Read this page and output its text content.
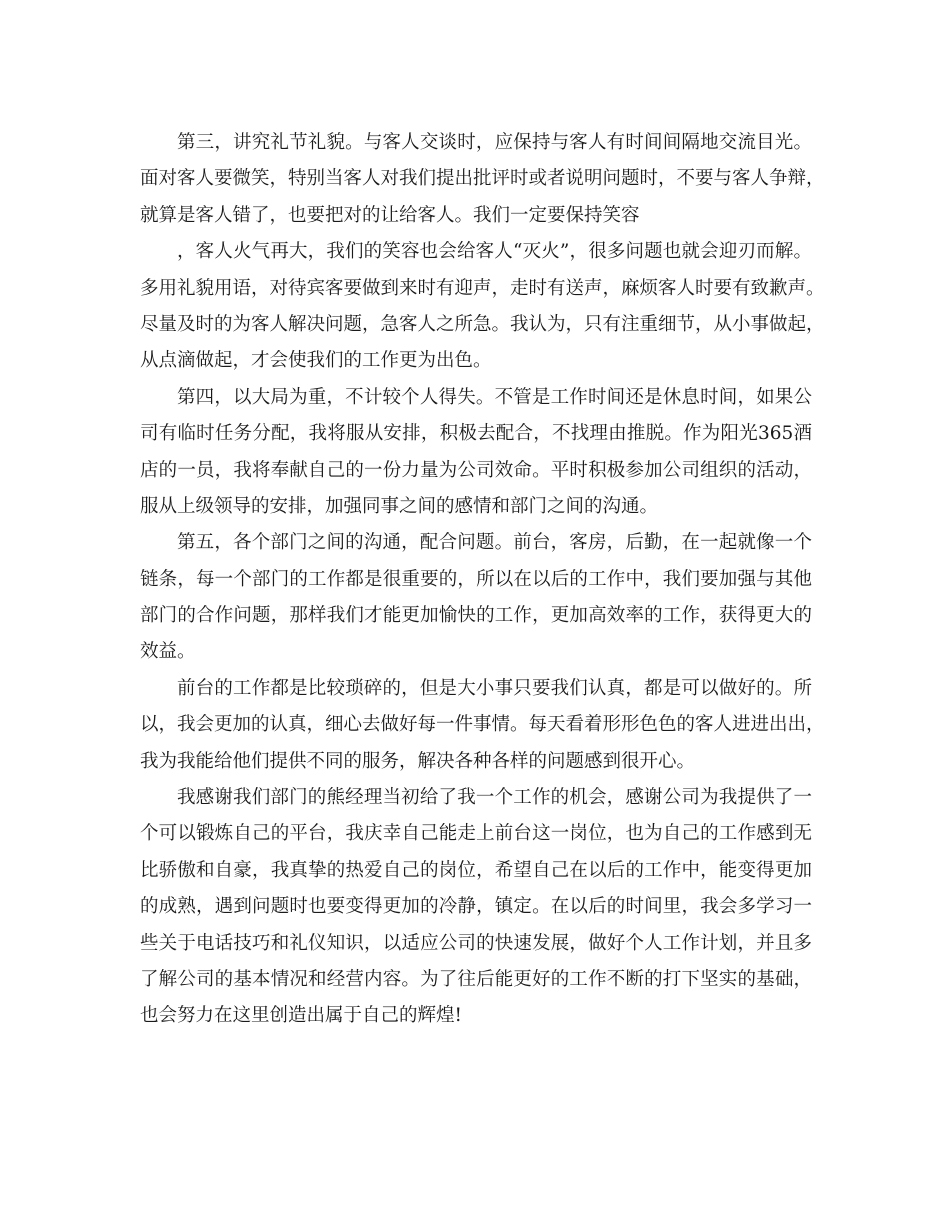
第三，讲究礼节礼貌。与客人交谈时，应保持与客人有时间间隔地交流目光。
面对客人要微笑，特别当客人对我们提出批评时或者说明问题时，不要与客人争辩，
就算是客人错了，也要把对的让给客人。我们一定要保持笑容
，客人火气再大，我们的笑容也会给客人“灭火”，很多问题也就会迎刃而解。
多用礼貌用语，对待宾客要做到来时有迎声，走时有送声，麻烦客人时要有致歉声。
尽量及时的为客人解决问题，急客人之所急。我认为，只有注重细节，从小事做起，
从点滴做起，才会使我们的工作更为出色。
第四，以大局为重，不计较个人得失。不管是工作时间还是休息时间，如果公
司有临时任务分配，我将服从安排，积极去配合，不找理由推脱。作为阳光365酒
店的一员，我将奉献自己的一份力量为公司效命。平时积极参加公司组织的活动，
服从上级领导的安排，加强同事之间的感情和部门之间的沟通。
第五，各个部门之间的沟通，配合问题。前台，客房，后勤，在一起就像一个
链条，每一个部门的工作都是很重要的，所以在以后的工作中，我们要加强与其他
部门的合作问题，那样我们才能更加愉快的工作，更加高效率的工作，获得更大的
效益。
前台的工作都是比较琐碎的，但是大小事只要我们认真，都是可以做好的。所
以，我会更加的认真，细心去做好每一件事情。每天看着形形色色的客人进进出出，
我为我能给他们提供不同的服务，解决各种各样的问题感到很开心。
我感谢我们部门的熊经理当初给了我一个工作的机会，感谢公司为我提供了一
个可以锻炼自己的平台，我庆幸自己能走上前台这一岗位，也为自己的工作感到无
比骄傲和自豪，我真挚的热爱自己的岗位，希望自己在以后的工作中，能变得更加
的成熟，遇到问题时也要变得更加的冷静，镇定。在以后的时间里，我会多学习一
些关于电话技巧和礼仪知识，以适应公司的快速发展，做好个人工作计划，并且多
了解公司的基本情况和经营内容。为了往后能更好的工作不断的打下坚实的基础，
也会努力在这里创造出属于自己的辉煌!
